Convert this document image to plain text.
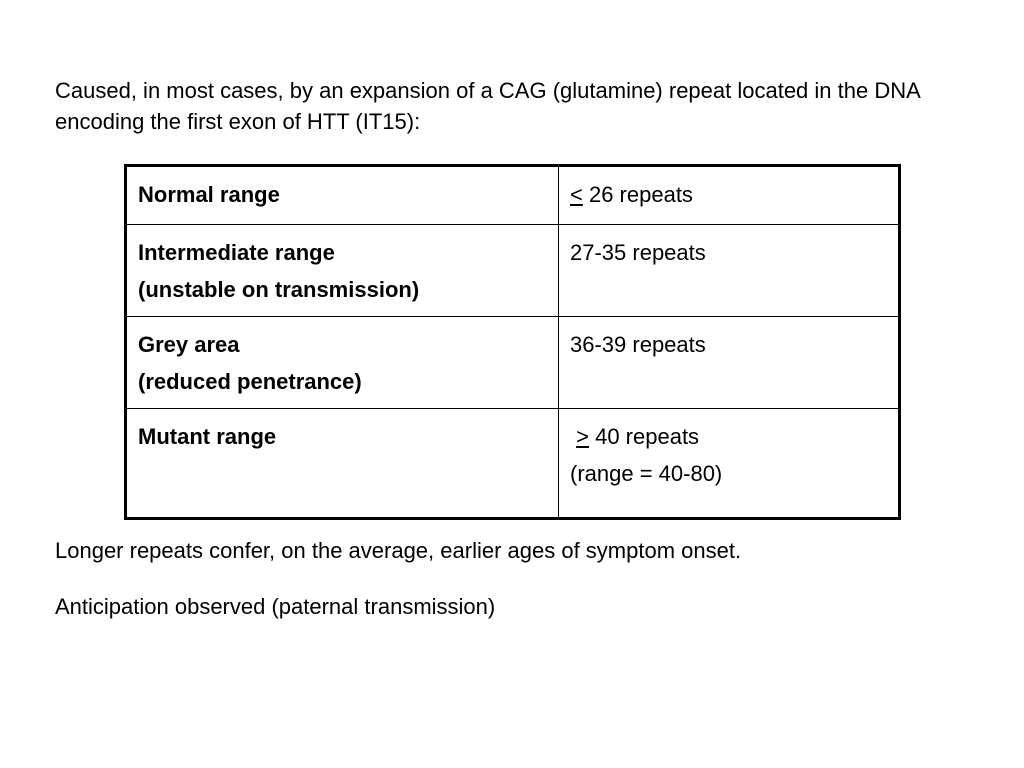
Caused, in most cases, by an expansion of a CAG (glutamine) repeat located in the DNA encoding the first exon of HTT (IT15):

Normal range	≤ 26 repeats

Intermediate range
(unstable on transmission)	27-35 repeats

Grey area
(reduced penetrance)	36-39 repeats

Mutant range	≥ 40 repeats
(range = 40-80)

Longer repeats confer, on the average, earlier ages of symptom onset.

Anticipation observed (paternal transmission)
